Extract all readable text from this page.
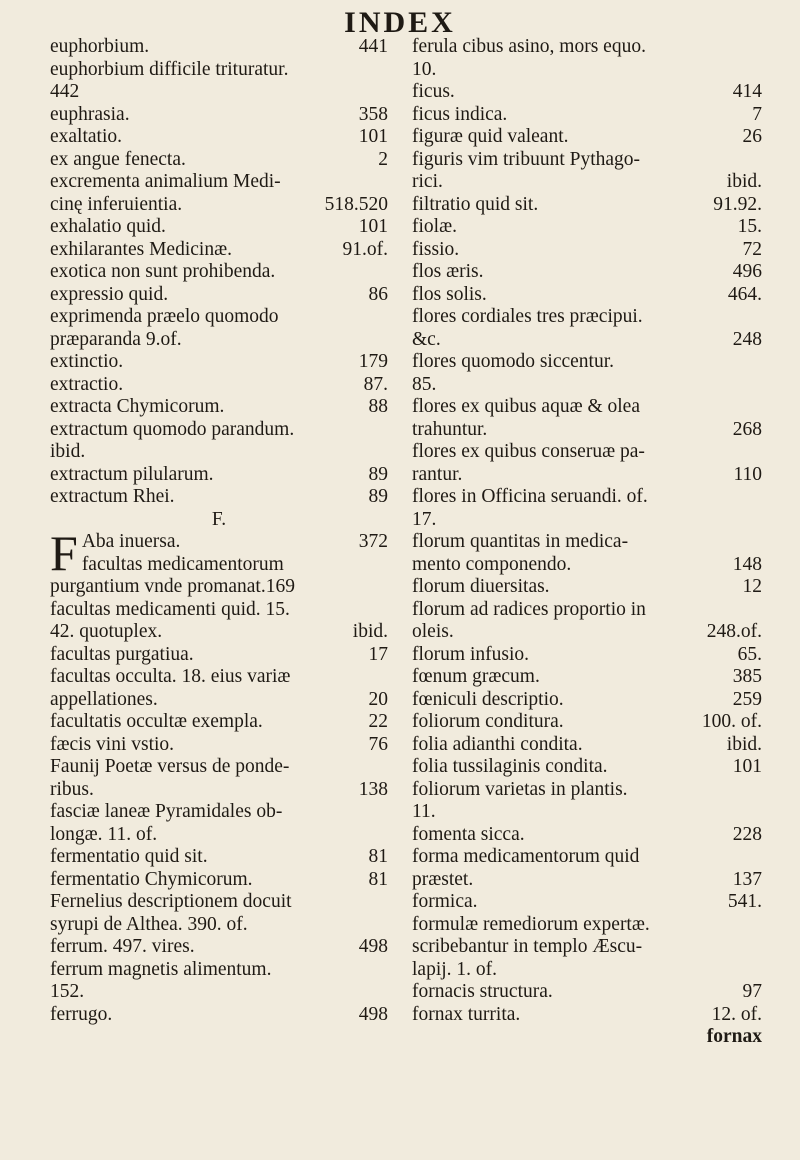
INDEX
euphorbium.	441
euphorbium difficile trituratur.
442
euphrasia.	358
exaltatio.	101
ex angue fenecta.	2
excrementa animalium Medi-
cinę inferuientia.	518.520
exhalatio quid.	101
exhilarantes Medicinæ.	91.of.
exotica non sunt prohibenda.
expressio quid.	86
exprimenda præelo quomodo
præparanda 9.of.
extinctio.	179
extractio.	87.
extracta Chymicorum.	88
extractum quomodo parandum.
ibid.
extractum pilularum.	89
extractum Rhei.	89
F.
F Aba inuersa.	372
facultas medicamentorum
purgantium vnde promanat.169
facultas medicamenti quid. 15.
42. quotuplex.	ibid.
facultas purgatiua.	17
facultas occulta. 18. eius variæ
appellationes.	20
facultatis occultæ exempla.	22
fæcis vini vstio.	76
Faunij Poetæ versus de ponde-
ribus.	138
fasciæ laneæ Pyramidales ob-
longæ. 11. of.
fermentatio quid sit.	81
fermentatio Chymicorum.	81
Fernelius descriptionem docuit
syrupi de Althea. 390. of.
ferrum. 497. vires.	498
ferrum magnetis alimentum.
152.
ferrugo.	498
ferula cibus asino, mors equo.
10.
ficus.	414
ficus indica.	7
figuræ quid valeant.	26
figuris vim tribuunt Pythago-
rici.	ibid.
filtratio quid sit.	91.92.
fiolæ.	15.
fissio.	72
flos æris.	496
flos solis.	464.
flores cordiales tres præcipui.
&c.	248
flores quomodo siccentur.
85.
flores ex quibus aquæ & olea
trahuntur.	268
flores ex quibus conseruæ pa-
rantur.	110
flores in Officina seruandi. of.
17.
florum quantitas in medica-
mento componendo.	148
florum diuersitas.	12
florum ad radices proportio in
oleis.	248.of.
florum infusio.	65.
fœnum græcum.	385
fœniculi descriptio.	259
foliorum conditura.	100. of.
folia adianthi condita.	ibid.
folia tussilaginis condita.	101
foliorum varietas in plantis.
11.
fomenta sicca.	228
forma medicamentorum quid
præstet.	137
formica.	541.
formulæ remediorum expertæ.
scribebantur in templo Æscu-
lapij. 1. of.
fornacis structura.	97
fornax turrita.	12. of.
fornax
